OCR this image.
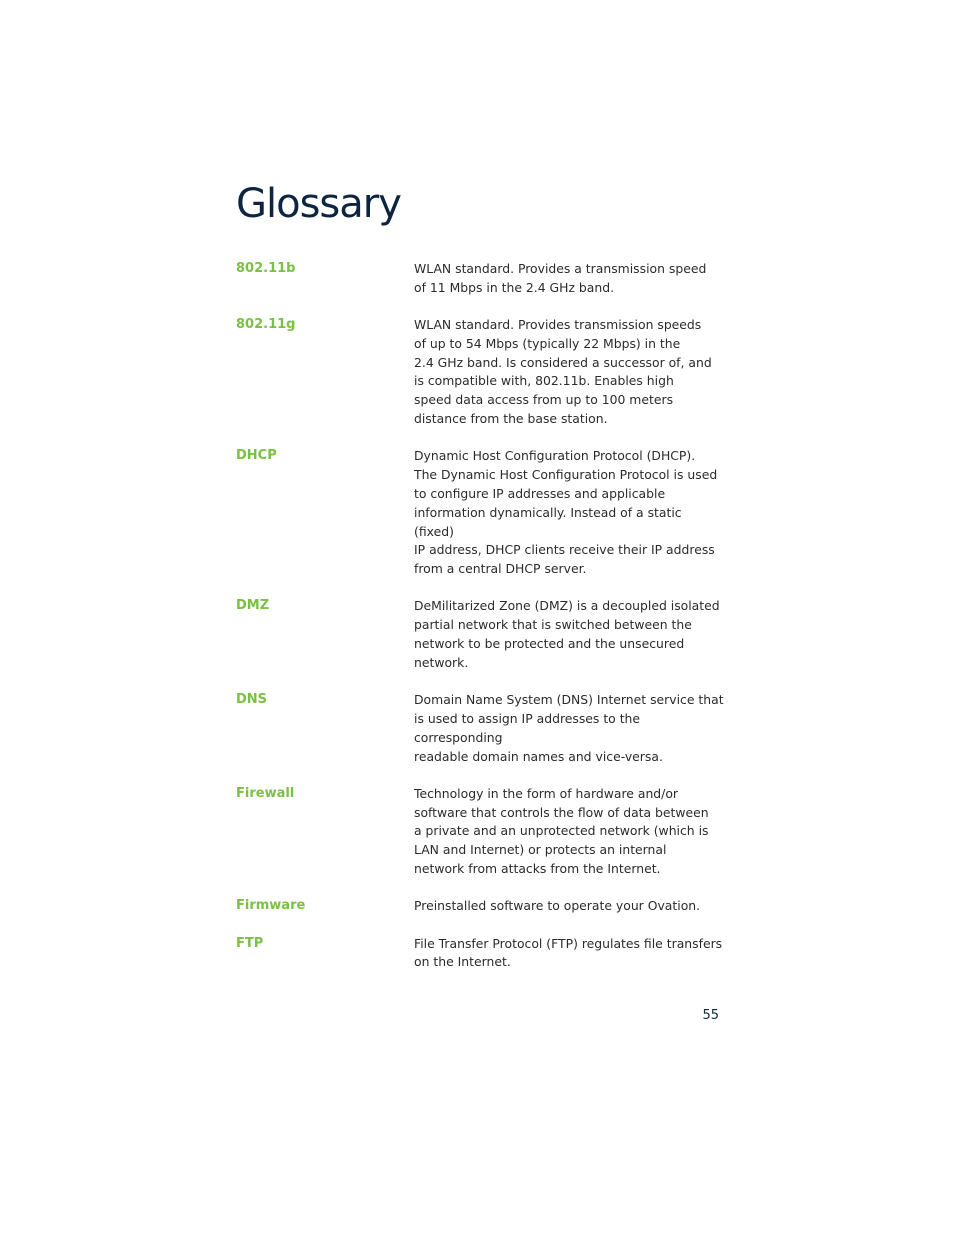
Glossary
802.11b	WLAN standard. Provides a transmission speed
of 11 Mbps in the 2.4 GHz band.
802.11g	WLAN standard. Provides transmission speeds
of up to 54 Mbps (typically 22 Mbps) in the
2.4 GHz band. Is considered a successor of, and
is compatible with, 802.11b. Enables high
speed data access from up to 100 meters
distance from the base station.
DHCP	Dynamic Host Configuration Protocol (DHCP).
The Dynamic Host Configuration Protocol is used
to configure IP addresses and applicable
information dynamically. Instead of a static (fixed)
IP address, DHCP clients receive their IP address
from a central DHCP server.
DMZ	DeMilitarized Zone (DMZ) is a decoupled isolated
partial network that is switched between the
network to be protected and the unsecured
network.
DNS	Domain Name System (DNS) Internet service that
is used to assign IP addresses to the corresponding
readable domain names and vice-versa.
Firewall	Technology in the form of hardware and/or
software that controls the flow of data between
a private and an unprotected network (which is
LAN and Internet) or protects an internal
network from attacks from the Internet.
Firmware	Preinstalled software to operate your Ovation.
FTP	File Transfer Protocol (FTP) regulates file transfers
on the Internet.
55
